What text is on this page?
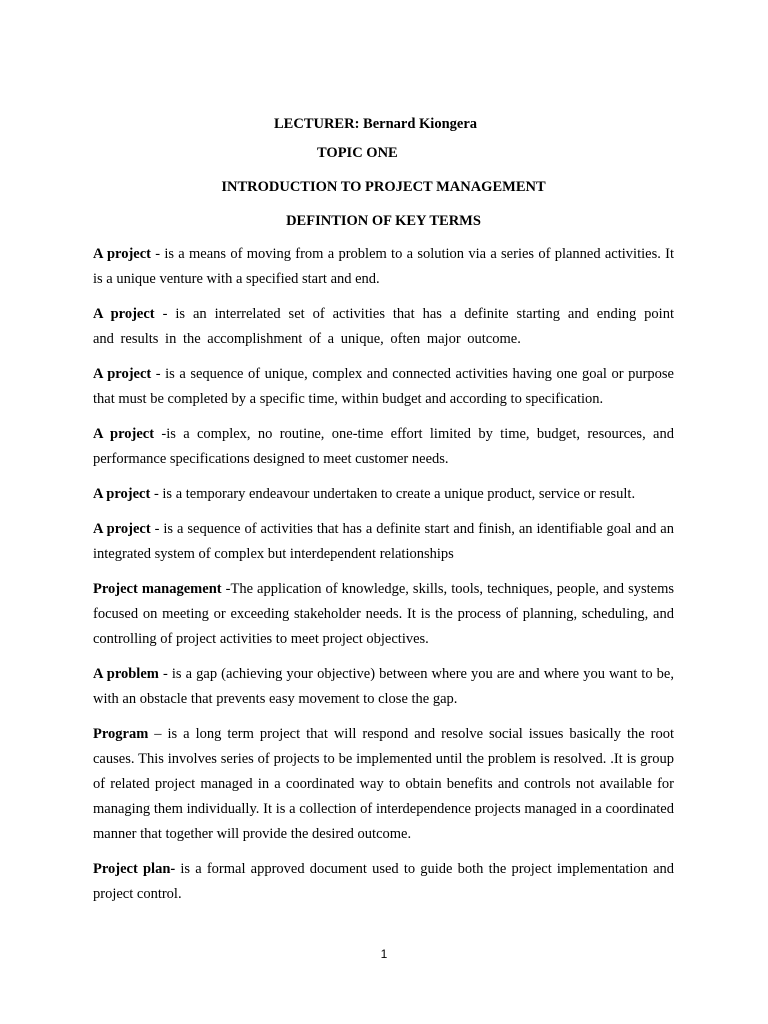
LECTURER: Bernard Kiongera
TOPIC ONE
INTRODUCTION TO PROJECT MANAGEMENT
DEFINTION OF KEY TERMS

A project - is a means of moving from a problem to a solution via a series of planned activities. It is a unique venture with a specified start and end.

A project - is an interrelated set of activities that has a definite starting and ending point and results in the accomplishment of a unique, often major outcome.

A project - is a sequence of unique, complex and connected activities having one goal or purpose that must be completed by a specific time, within budget and according to specification.

A project -is a complex, no routine, one-time effort limited by time, budget, resources, and performance specifications designed to meet customer needs.

A project - is a temporary endeavour undertaken to create a unique product, service or result.

A project - is a sequence of activities that has a definite start and finish, an identifiable goal and an integrated system of complex but interdependent relationships

Project management -The application of knowledge, skills, tools, techniques, people, and systems focused on meeting or exceeding stakeholder needs. It is the process of planning, scheduling, and controlling of project activities to meet project objectives.

A problem - is a gap (achieving your objective) between where you are and where you want to be, with an obstacle that prevents easy movement to close the gap.

Program – is a long term project that will respond and resolve social issues basically the root causes. This involves series of projects to be implemented until the problem is resolved. .It is group of related project managed in a coordinated way to obtain benefits and controls not available for managing them individually. It is a collection of interdependence projects managed in a coordinated manner that together will provide the desired outcome.

Project plan- is a formal approved document used to guide both the project implementation and project control.

1
